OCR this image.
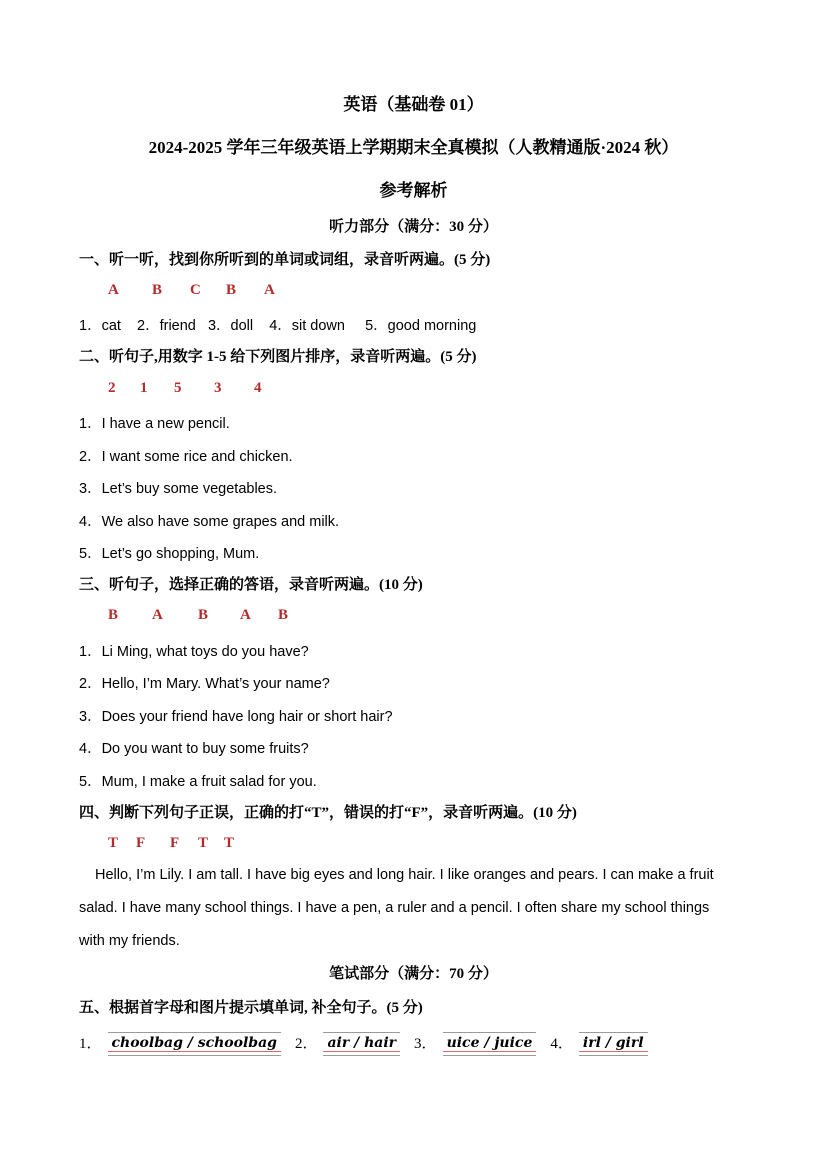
英语（基础卷 01）
2024-2025 学年三年级英语上学期期末全真模拟（人教精通版·2024 秋）
参考解析
听力部分（满分：30 分）
一、听一听，找到你所听到的单词或词组，录音听两遍。(5 分)
A B C B A
1．cat    2．friend   3．doll    4．sit down     5．good morning
二、听句子,用数字 1-5 给下列图片排序，录音听两遍。(5 分)
2 1 5 3 4
1．I have a new pencil.
2．I want some rice and chicken.
3．Let’s buy some vegetables.
4．We also have some grapes and milk.
5．Let’s go shopping, Mum.
三、听句子，选择正确的答语，录音听两遍。(10 分)
B A B A B
1．Li Ming, what toys do you have?
2．Hello, I’m Mary. What’s your name?
3．Does your friend have long hair or short hair?
4．Do you want to buy some fruits?
5．Mum, I make a fruit salad for you.
四、判断下列句子正误，正确的打“T”，错误的打“F”，录音听两遍。(10 分)
T F F T T
Hello, I’m Lily. I am tall. I have big eyes and long hair. I like oranges and pears. I can make a fruit salad. I have many school things. I have a pen, a ruler and a pencil. I often share my school things with my friends.
笔试部分（满分：70 分）
五、根据首字母和图片提示填单词, 补全句子。(5 分)
1． choolbag / schoolbag 2． air / hair 3． uice / juice 4． irl / girl
